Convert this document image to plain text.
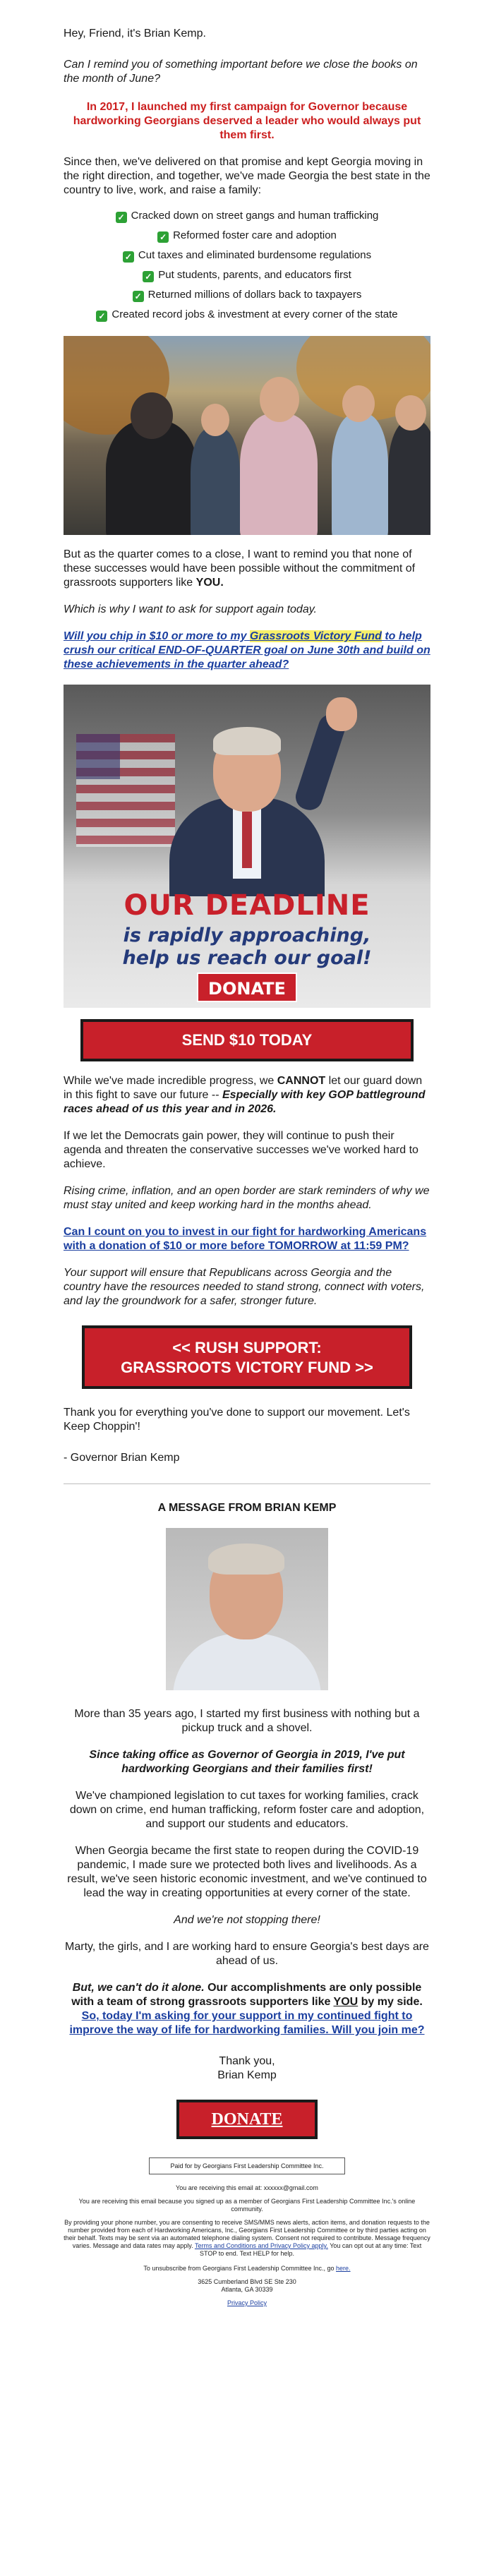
Hey, Friend, it's Brian Kemp.

Can I remind you of something important before we close the books on the month of June?

In 2017, I launched my first campaign for Governor because hardworking Georgians deserved a leader who would always put them first.

Since then, we've delivered on that promise and kept Georgia moving in the right direction, and together, we've made Georgia the best state in the country to live, work, and raise a family:

✓ Cracked down on street gangs and human trafficking
✓ Reformed foster care and adoption
✓ Cut taxes and eliminated burdensome regulations
✓ Put students, parents, and educators first
✓ Returned millions of dollars back to taxpayers
✓ Created record jobs & investment at every corner of the state

But as the quarter comes to a close, I want to remind you that none of these successes would have been possible without the commitment of grassroots supporters like YOU.

Which is why I want to ask for support again today.

Will you chip in $10 or more to my Grassroots Victory Fund to help crush our critical END-OF-QUARTER goal on June 30th and build on these achievements in the quarter ahead?

OUR DEADLINE
is rapidly approaching,
help us reach our goal!
DONATE
SEND $10 TODAY

While we've made incredible progress, we CANNOT let our guard down in this fight to save our future -- Especially with key GOP battleground races ahead of us this year and in 2026.

If we let the Democrats gain power, they will continue to push their agenda and threaten the conservative successes we've worked hard to achieve.

Rising crime, inflation, and an open border are stark reminders of why we must stay united and keep working hard in the months ahead.

Can I count on you to invest in our fight for hardworking Americans with a donation of $10 or more before TOMORROW at 11:59 PM?

Your support will ensure that Republicans across Georgia and the country have the resources needed to stand strong, connect with voters, and lay the groundwork for a safer, stronger future.

<< RUSH SUPPORT:
GRASSROOTS VICTORY FUND >>

Thank you for everything you've done to support our movement. Let's Keep Choppin'!

- Governor Brian Kemp

A MESSAGE FROM BRIAN KEMP

More than 35 years ago, I started my first business with nothing but a pickup truck and a shovel.

Since taking office as Governor of Georgia in 2019, I've put hardworking Georgians and their families first!

We've championed legislation to cut taxes for working families, crack down on crime, end human trafficking, reform foster care and adoption, and support our students and educators.

When Georgia became the first state to reopen during the COVID-19 pandemic, I made sure we protected both lives and livelihoods. As a result, we've seen historic economic investment, and we've continued to lead the way in creating opportunities at every corner of the state.

And we're not stopping there!

Marty, the girls, and I are working hard to ensure Georgia's best days are ahead of us.

But, we can't do it alone. Our accomplishments are only possible with a team of strong grassroots supporters like YOU by my side. So, today I'm asking for your support in my continued fight to improve the way of life for hardworking families. Will you join me?

Thank you,

Brian Kemp

DONATE
Paid for by Georgians First Leadership Committee Inc.
You are receiving this email at: xxxxxx@gmail.com
You are receiving this email because you signed up as a member of Georgians First Leadership Committee Inc.'s online community.
By providing your phone number, you are consenting to receive SMS/MMS news alerts, action items, and donation requests to the number provided from each of Hardworking Americans, Inc., Georgians First Leadership Committee or by third parties acting on their behalf. Texts may be sent via an automated telephone dialing system. Consent not required to contribute. Message frequency varies. Message and data rates may apply. Terms and Conditions and Privacy Policy apply. You can opt out at any time: Text STOP to end. Text HELP for help.
To unsubscribe from Georgians First Leadership Committee Inc., go here.
3625 Cumberland Blvd SE Ste 230
Atlanta, GA 30339
Privacy Policy
